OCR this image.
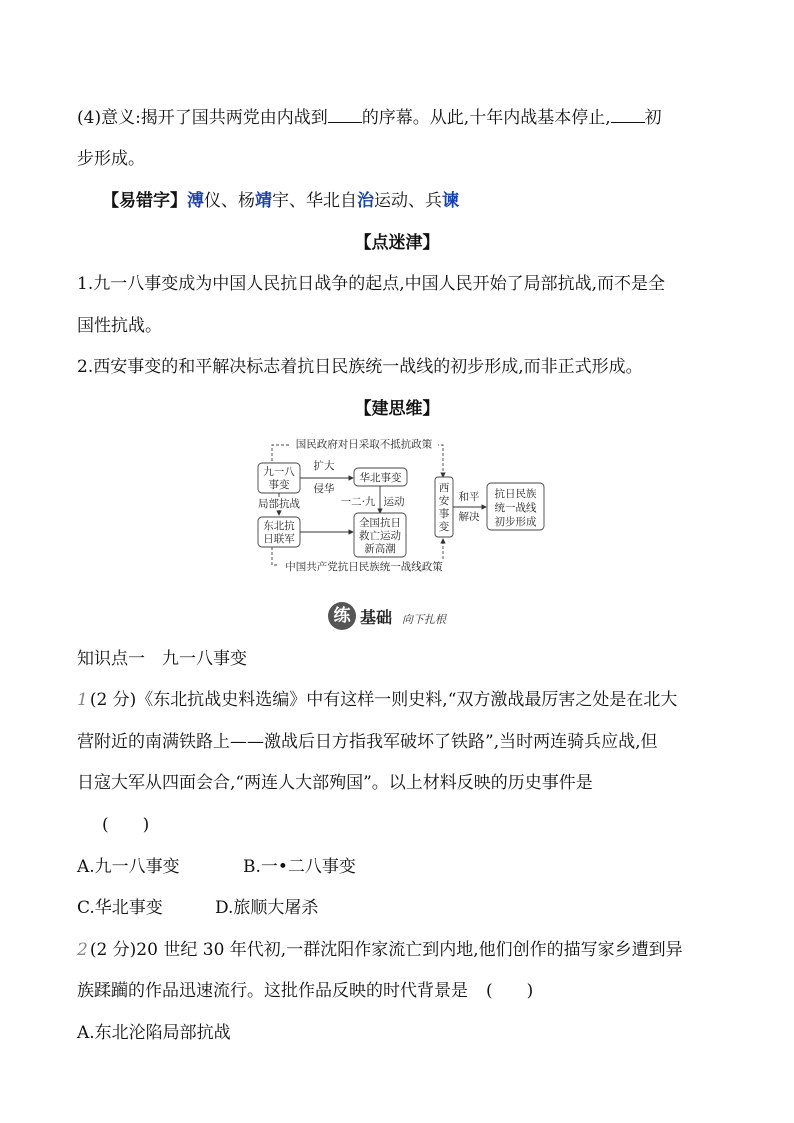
(4)意义:揭开了国共两党由内战到 的序幕。从此,十年内战基本停止, 初
步形成。
【易错字】溥仪、杨靖宇、华北自治运动、兵谏
【点迷津】
1.九一八事变成为中国人民抗日战争的起点,中国人民开始了局部抗战,而不是全
国性抗战。
2.西安事变的和平解决标志着抗日民族统一战线的初步形成,而非正式形成。
【建思维】
国民政府对日采取不抵抗政策
中国共产党抗日民族统一战线政策
九一八
事变
扩大
侵华
华北事变
局部抗战	一二·九 运动
东北抗
日联军
全国抗日
救亡运动
新高潮
西
安
事
变
和平
解决
抗日民族
统一战线
初步形成
练 基础 向下扎根
知识点一　九一八事变
1 (2 分)《东北抗战史料选编》中有这样一则史料,“双方激战最厉害之处是在北大
营附近的南满铁路上——激战后日方指我军破坏了铁路”,当时两连骑兵应战,但
日寇大军从四面会合,“两连人大部殉国”。以上材料反映的历史事件是
(　　)
A.九一八事变	B.一•二八事变
C.华北事变	D.旅顺大屠杀
2 (2 分)20 世纪 30 年代初,一群沈阳作家流亡到内地,他们创作的描写家乡遭到异
族蹂躏的作品迅速流行。这批作品反映的时代背景是 (　　)
A.东北沦陷局部抗战
